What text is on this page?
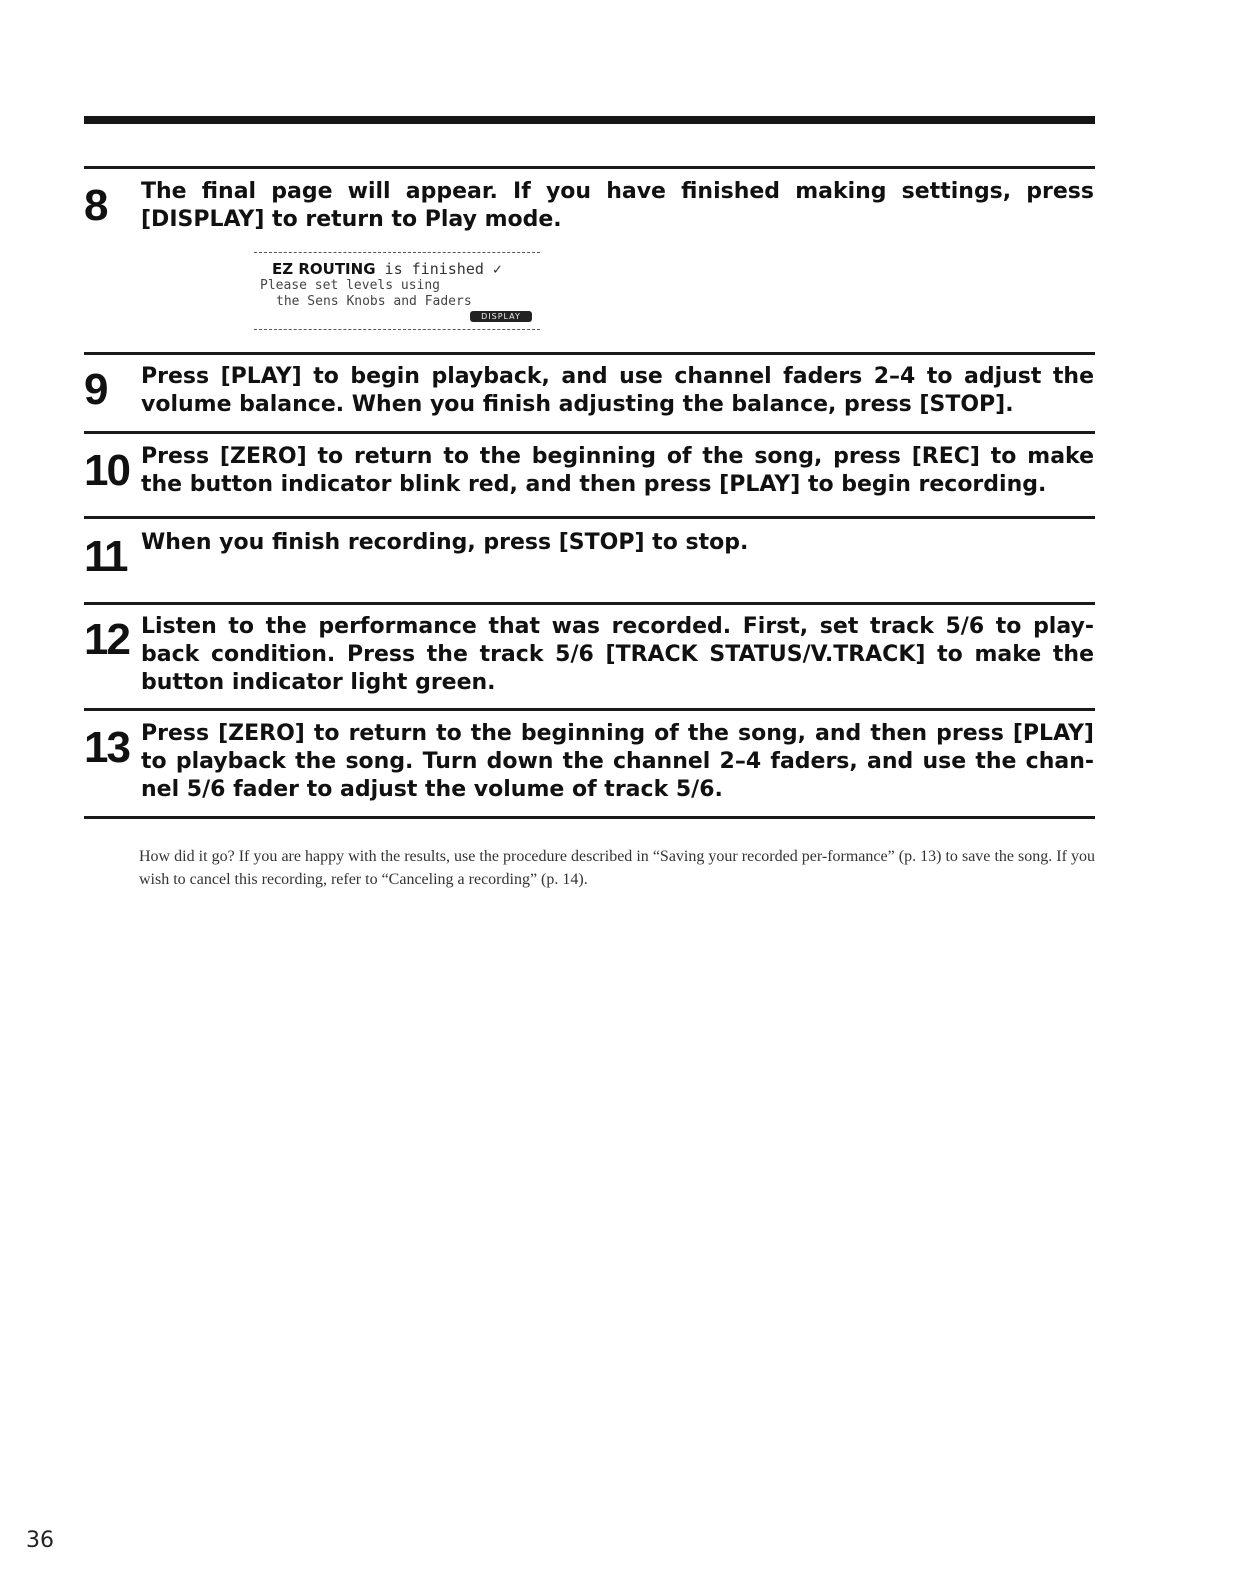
8	The final page will appear. If you have finished making settings, press [DISPLAY] to return to Play mode.
EZ ROUTING is finished ✓
Please set levels using
the Sens Knobs and Faders
DISPLAY
9	Press [PLAY] to begin playback, and use channel faders 2–4 to adjust the volume balance. When you finish adjusting the balance, press [STOP].
10 Press [ZERO] to return to the beginning of the song, press [REC] to make the button indicator blink red, and then press [PLAY] to begin recording.
11 When you finish recording, press [STOP] to stop.
12 Listen to the performance that was recorded. First, set track 5/6 to play-back condition. Press the track 5/6 [TRACK STATUS/V.TRACK] to make the button indicator light green.
13 Press [ZERO] to return to the beginning of the song, and then press [PLAY] to playback the song. Turn down the channel 2–4 faders, and use the chan-nel 5/6 fader to adjust the volume of track 5/6.
How did it go? If you are happy with the results, use the procedure described in “Saving your recorded per-formance” (p. 13) to save the song. If you wish to cancel this recording, refer to “Canceling a recording” (p. 14).
36
